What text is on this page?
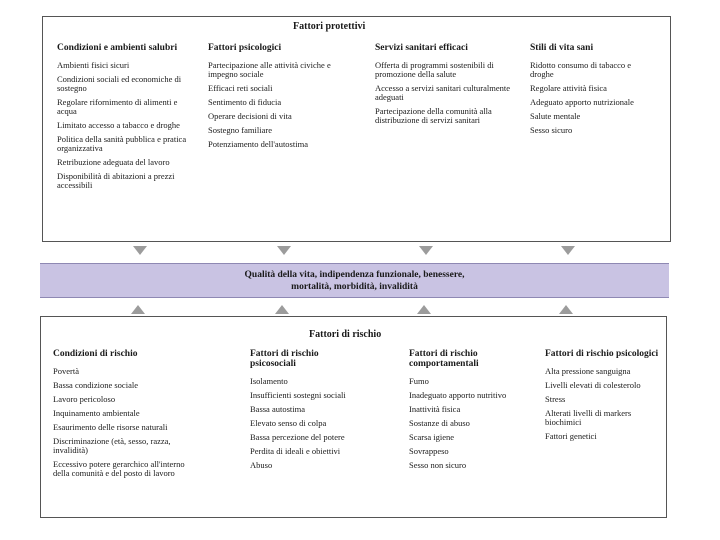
Fattori protettivi
Condizioni e ambienti salubri
Ambienti fisici sicuri
Condizioni sociali ed economiche di sostegno
Regolare rifornimento di alimenti e acqua
Limitato accesso a tabacco e droghe
Politica della sanità pubblica e pratica organizzativa
Retribuzione adeguata del lavoro
Disponibilità di abitazioni a prezzi accessibili
Fattori psicologici
Partecipazione alle attività civiche e impegno sociale
Efficaci reti sociali
Sentimento di fiducia
Operare decisioni di vita
Sostegno familiare
Potenziamento dell'autostima
Servizi sanitari efficaci
Offerta di programmi sostenibili di promozione della salute
Accesso a servizi sanitari culturalmente adeguati
Partecipazione della comunità alla distribuzione di servizi sanitari
Stili di vita sani
Ridotto consumo di tabacco e droghe
Regolare attività fisica
Adeguato apporto nutrizionale
Salute mentale
Sesso sicuro
Qualità della vita, indipendenza funzionale, benessere,
mortalità, morbidità, invalidità
Fattori di rischio
Condizioni di rischio
Povertà
Bassa condizione sociale
Lavoro pericoloso
Inquinamento ambientale
Esaurimento delle risorse naturali
Discriminazione (età, sesso, razza, invalidità)
Eccessivo potere gerarchico all'interno della comunità e del posto di lavoro
Fattori di rischio psicosociali
Isolamento
Insufficienti sostegni sociali
Bassa autostima
Elevato senso di colpa
Bassa percezione del potere
Perdita di ideali e obiettivi
Abuso
Fattori di rischio comportamentali
Fumo
Inadeguato apporto nutritivo
Inattività fisica
Sostanze di abuso
Scarsa igiene
Sovrappeso
Sesso non sicuro
Fattori di rischio psicologici
Alta pressione sanguigna
Livelli elevati di colesterolo
Stress
Alterati livelli di markers biochimici
Fattori genetici
